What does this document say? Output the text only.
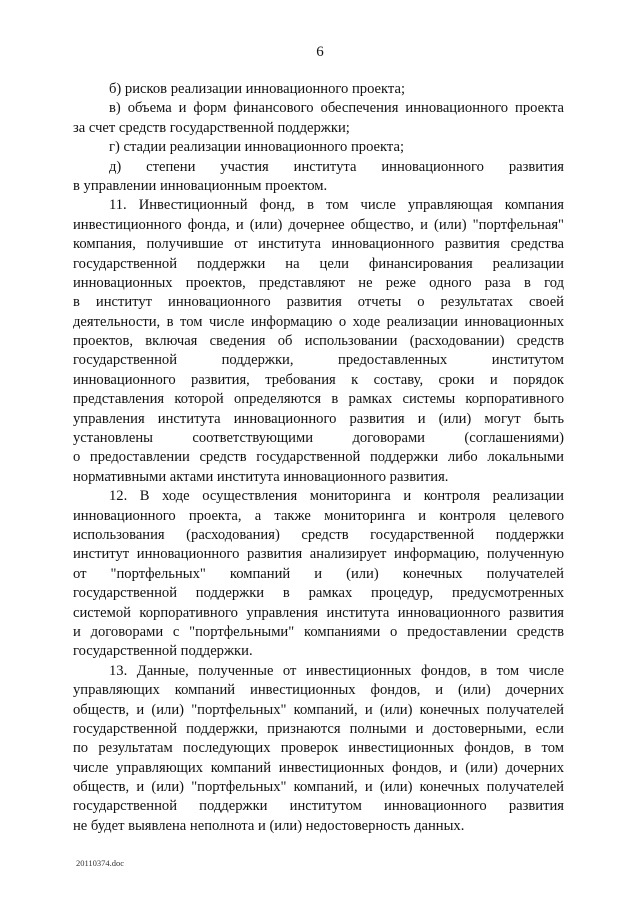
6
б) рисков реализации инновационного проекта;
в) объема и форм финансового обеспечения инновационного проекта
за счет средств государственной поддержки;
г) стадии реализации инновационного проекта;
д) степени участия института инновационного развития
в управлении инновационным проектом.
11. Инвестиционный фонд, в том числе управляющая компания
инвестиционного фонда, и (или) дочернее общество, и (или) "портфельная"
компания, получившие от института инновационного развития средства
государственной поддержки на цели финансирования реализации
инновационных проектов, представляют не реже одного раза в год
в институт инновационного развития отчеты о результатах своей
деятельности, в том числе информацию о ходе реализации инновационных
проектов, включая сведения об использовании (расходовании) средств
государственной поддержки, предоставленных институтом
инновационного развития, требования к составу, сроки и порядок
представления которой определяются в рамках системы корпоративного
управления института инновационного развития и (или) могут быть
установлены соответствующими договорами (соглашениями)
о предоставлении средств государственной поддержки либо локальными
нормативными актами института инновационного развития.
12. В ходе осуществления мониторинга и контроля реализации
инновационного проекта, а также мониторинга и контроля целевого
использования (расходования) средств государственной поддержки
институт инновационного развития анализирует информацию, полученную
от "портфельных" компаний и (или) конечных получателей
государственной поддержки в рамках процедур, предусмотренных
системой корпоративного управления института инновационного развития
и договорами с "портфельными" компаниями о предоставлении средств
государственной поддержки.
13. Данные, полученные от инвестиционных фондов, в том числе
управляющих компаний инвестиционных фондов, и (или) дочерних
обществ, и (или) "портфельных" компаний, и (или) конечных получателей
государственной поддержки, признаются полными и достоверными, если
по результатам последующих проверок инвестиционных фондов, в том
числе управляющих компаний инвестиционных фондов, и (или) дочерних
обществ, и (или) "портфельных" компаний, и (или) конечных получателей
государственной поддержки институтом инновационного развития
не будет выявлена неполнота и (или) недостоверность данных.
20110374.doc
